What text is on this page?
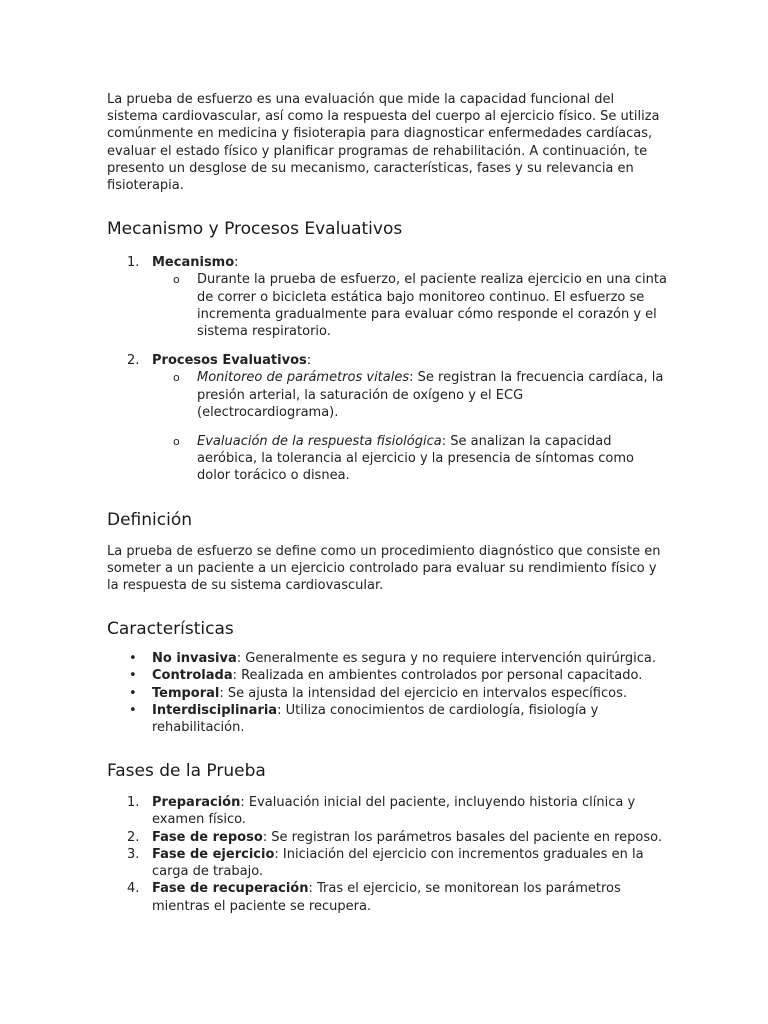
La prueba de esfuerzo es una evaluación que mide la capacidad funcional del sistema cardiovascular, así como la respuesta del cuerpo al ejercicio físico. Se utiliza comúnmente en medicina y fisioterapia para diagnosticar enfermedades cardíacas, evaluar el estado físico y planificar programas de rehabilitación. A continuación, te presento un desglose de su mecanismo, características, fases y su relevancia en fisioterapia.

Mecanismo y Procesos Evaluativos
1. Mecanismo:
o Durante la prueba de esfuerzo, el paciente realiza ejercicio en una cinta de correr o bicicleta estática bajo monitoreo continuo. El esfuerzo se incrementa gradualmente para evaluar cómo responde el corazón y el sistema respiratorio.
2. Procesos Evaluativos:
o Monitoreo de parámetros vitales: Se registran la frecuencia cardíaca, la presión arterial, la saturación de oxígeno y el ECG (electrocardiograma).
o Evaluación de la respuesta fisiológica: Se analizan la capacidad aeróbica, la tolerancia al ejercicio y la presencia de síntomas como dolor torácico o disnea.
Definición

La prueba de esfuerzo se define como un procedimiento diagnóstico que consiste en someter a un paciente a un ejercicio controlado para evaluar su rendimiento físico y la respuesta de su sistema cardiovascular.

Características
• No invasiva: Generalmente es segura y no requiere intervención quirúrgica.
• Controlada: Realizada en ambientes controlados por personal capacitado.
• Temporal: Se ajusta la intensidad del ejercicio en intervalos específicos.
• Interdisciplinaria: Utiliza conocimientos de cardiología, fisiología y rehabilitación.
Fases de la Prueba
1. Preparación: Evaluación inicial del paciente, incluyendo historia clínica y examen físico.
2. Fase de reposo: Se registran los parámetros basales del paciente en reposo.
3. Fase de ejercicio: Iniciación del ejercicio con incrementos graduales en la carga de trabajo.
4. Fase de recuperación: Tras el ejercicio, se monitorean los parámetros mientras el paciente se recupera.
